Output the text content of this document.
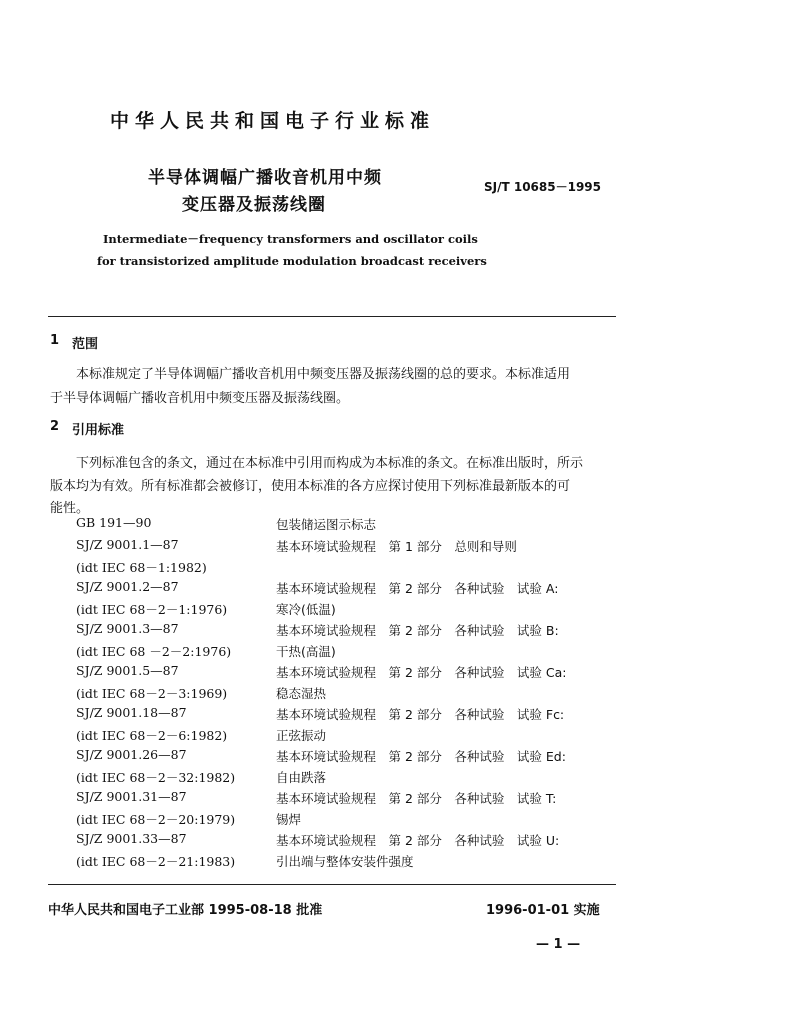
中华人民共和国电子行业标准
半导体调幅广播收音机用中频
变压器及振荡线圈
SJ/T 10685－1995
Intermediate－frequency transformers and oscillator coils
for transistorized amplitude modulation broadcast receivers
1 范围
本标准规定了半导体调幅广播收音机用中频变压器及振荡线圈的总的要求。本标准适用
于半导体调幅广播收音机用中频变压器及振荡线圈。
2 引用标准
下列标准包含的条文，通过在本标准中引用而构成为本标准的条文。在标准出版时，所示
版本均为有效。所有标准都会被修订，使用本标准的各方应探讨使用下列标准最新版本的可
能性。
GB 191—90	包装储运图示标志
SJ/Z 9001.1—87	基本环境试验规程　第 1 部分　总则和导则
(idt IEC 68－1:1982)
SJ/Z 9001.2—87	基本环境试验规程　第 2 部分　各种试验　试验 A:
(idt IEC 68－2－1:1976)	寒冷(低温)
SJ/Z 9001.3—87	基本环境试验规程　第 2 部分　各种试验　试验 B:
(idt IEC 68 －2－2:1976)	干热(高温)
SJ/Z 9001.5—87	基本环境试验规程　第 2 部分　各种试验　试验 Ca:
(idt IEC 68－2－3:1969)	稳态湿热
SJ/Z 9001.18—87	基本环境试验规程　第 2 部分　各种试验　试验 Fc:
(idt IEC 68－2－6:1982)	正弦振动
SJ/Z 9001.26—87	基本环境试验规程　第 2 部分　各种试验　试验 Ed:
(idt IEC 68－2－32:1982)	自由跌落
SJ/Z 9001.31—87	基本环境试验规程　第 2 部分　各种试验　试验 T:
(idt IEC 68－2－20:1979)	锡焊
SJ/Z 9001.33—87	基本环境试验规程　第 2 部分　各种试验　试验 U:
(idt IEC 68－2－21:1983)	引出端与整体安装件强度
中华人民共和国电子工业部 1995-08-18 批准	1996-01-01 实施
— 1 —
